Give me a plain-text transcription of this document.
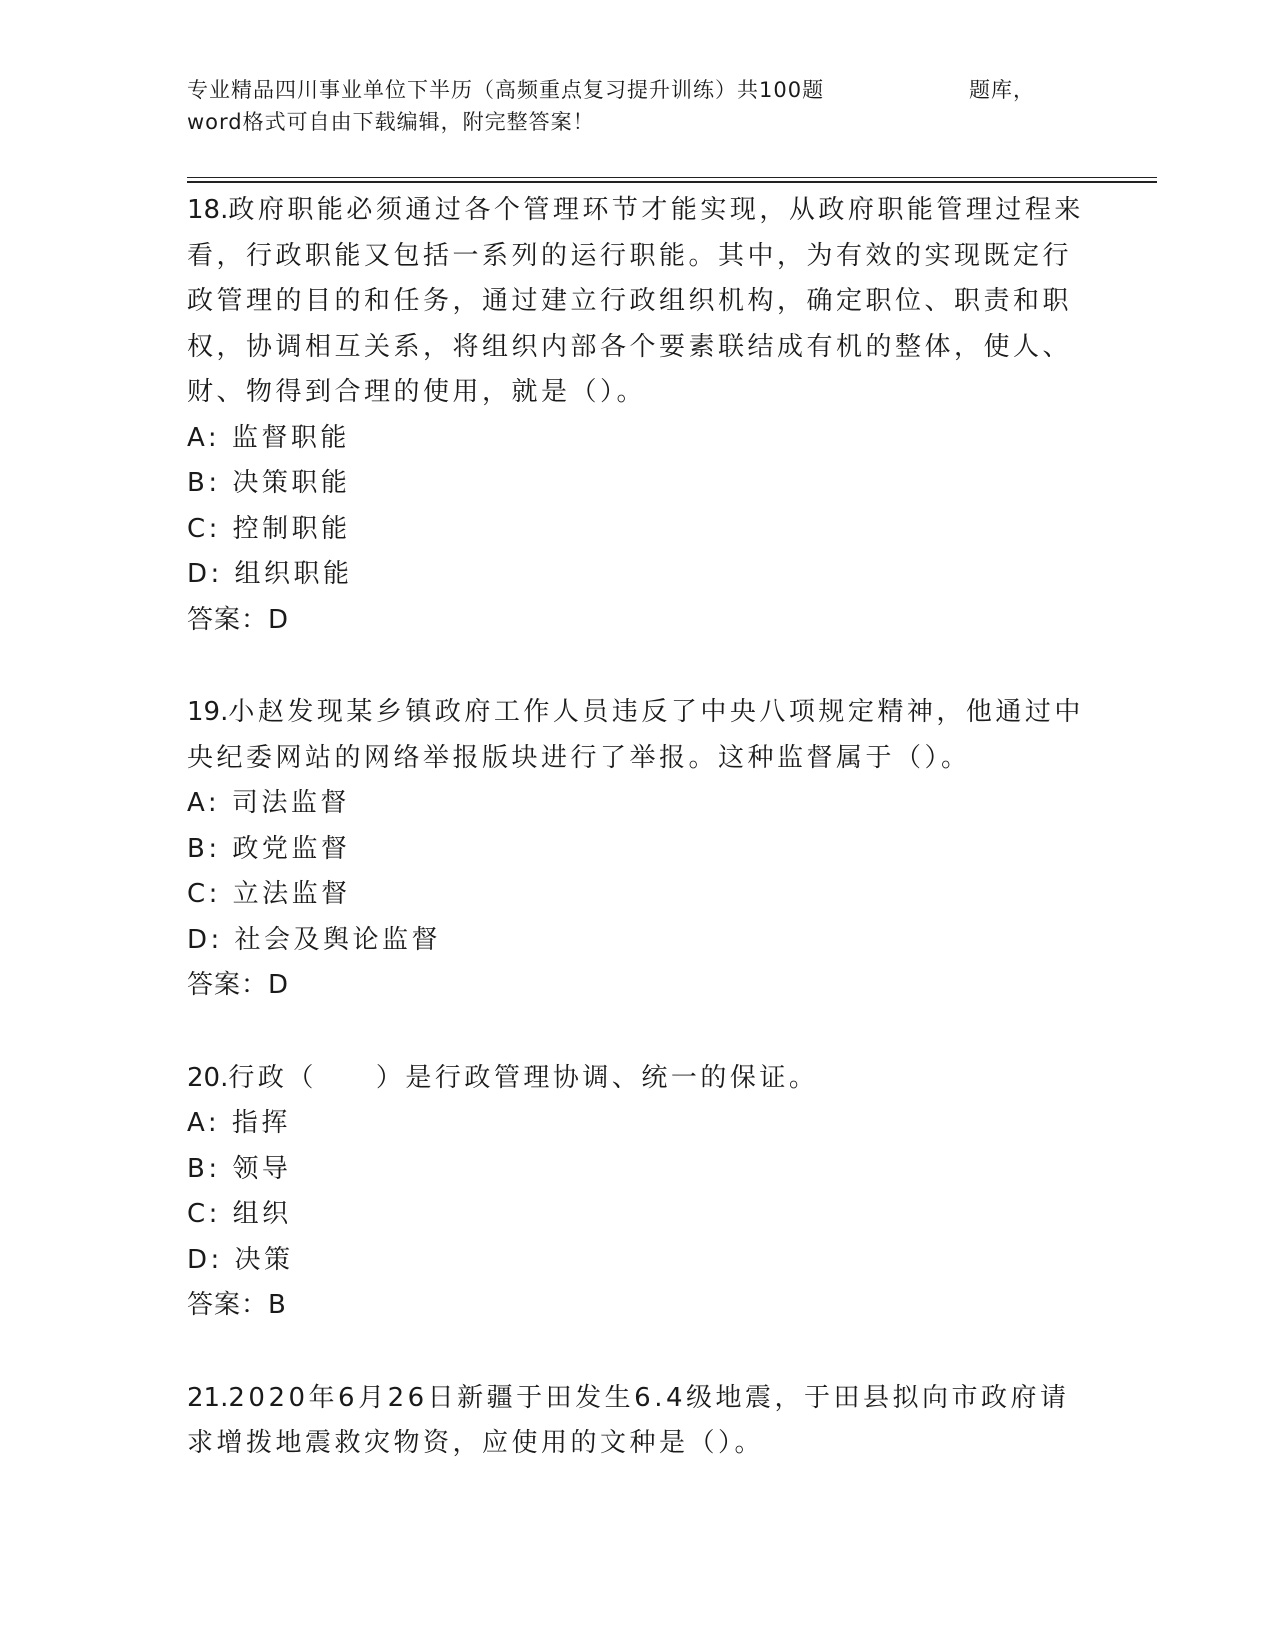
专业精品四川事业单位下半历（高频重点复习提升训练）共100题	题库，
word格式可自由下载编辑，附完整答案！
18.政府职能必须通过各个管理环节才能实现，从政府职能管理过程来看，行政职能又包括一系列的运行职能。其中，为有效的实现既定行政管理的目的和任务，通过建立行政组织机构，确定职位、职责和职权，协调相互关系，将组织内部各个要素联结成有机的整体，使人、财、物得到合理的使用，就是（）。
A: 监督职能
B: 决策职能
C: 控制职能
D: 组织职能
答案：D
19.小赵发现某乡镇政府工作人员违反了中央八项规定精神，他通过中央纪委网站的网络举报版块进行了举报。这种监督属于（）。
A: 司法监督
B: 政党监督
C: 立法监督
D: 社会及舆论监督
答案：D
20.行政（　　）是行政管理协调、统一的保证。
A: 指挥
B: 领导
C: 组织
D: 决策
答案：B
21.2020年6月26日新疆于田发生6.4级地震，于田县拟向市政府请求增拨地震救灾物资，应使用的文种是（）。
